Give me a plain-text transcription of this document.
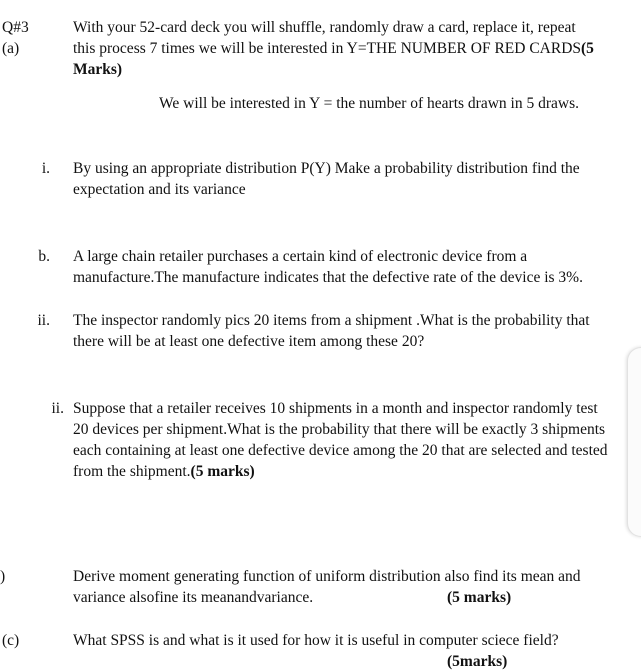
Q#3
(a)
With your 52-card deck you will shuffle, randomly draw a card, replace it, repeat this process 7 times we will be interested in Y=THE NUMBER OF RED CARDS(5 Marks)
We will be interested in Y = the number of hearts drawn in 5 draws.
i. By using an appropriate distribution P(Y) Make a probability distribution find the expectation and its variance
b. A large chain retailer purchases a certain kind of electronic device from a manufacture.The manufacture indicates that the defective rate of the device is 3%.
ii. The inspector randomly pics 20 items from a shipment .What is the probability that there will be at least one defective item among these 20?
ii. Suppose that a retailer receives 10 shipments in a month and inspector randomly test 20 devices per shipment.What is the probability that there will be exactly 3 shipments each containing at least one defective device among the 20 that are selected and tested from the shipment.(5 marks)
)	Derive moment generating function of uniform distribution also find its mean and variance alsofine its meanandvariance.	(5 marks)
(c)	What SPSS is and what is it used for how it is useful in computer sciece field?
(5marks)
